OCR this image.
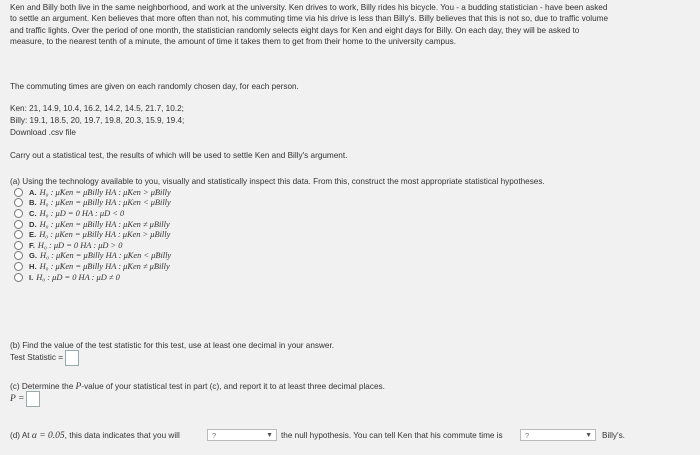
Ken and Billy both live in the same neighborhood, and work at the university. Ken drives to work, Billy rides his bicycle. You - a budding statistician - have been asked
to settle an argument. Ken believes that more often than not, his commuting time via his drive is less than Billy's. Billy believes that this is not so, due to traffic volume
and traffic lights. Over the period of one month, the statistician randomly selects eight days for Ken and eight days for Billy. On each day, they will be asked to
measure, to the nearest tenth of a minute, the amount of time it takes them to get from their home to the university campus.
The commuting times are given on each randomly chosen day, for each person.
Ken: 21, 14.9, 10.4, 16.2, 14.2, 14.5, 21.7, 10.2;
Billy: 19.1, 18.5, 20, 19.7, 19.8, 20.3, 15.9, 19.4;
Download .csv file
Carry out a statistical test, the results of which will be used to settle Ken and Billy's argument.
(a) Using the technology available to you, visually and statistically inspect this data. From this, construct the most appropriate statistical hypotheses.
A. H₀ : μ̃Ken = μ̃Billy HA : μ̃Ken > μ̃Billy
B. H₀ : μKen = μBilly HA : μKen < μBilly
C. H₀ : μD = 0 HA : μD < 0
D. H₀ : μKen = μBilly HA : μKen ≠ μBilly
E. H₀ : μKen = μBilly HA : μKen > μBilly
F. H₀ : μD = 0 HA : μD > 0
G. H₀ : μ̃Ken = μ̃Billy HA : μ̃Ken < μ̃Billy
H. H₀ : μ̃Ken = μ̃Billy HA : μ̃Ken ≠ μ̃Billy
I. H₀ : μD = 0 HA : μD ≠ 0
(b) Find the value of the test statistic for this test, use at least one decimal in your answer.
Test Statistic =
(c) Determine the P-value of your statistical test in part (c), and report it to at least three decimal places.
P =
(d) At α = 0.05, this data indicates that you will	?	▼ the null hypothesis. You can tell Ken that his commute time is	?	▼ Billy's.
